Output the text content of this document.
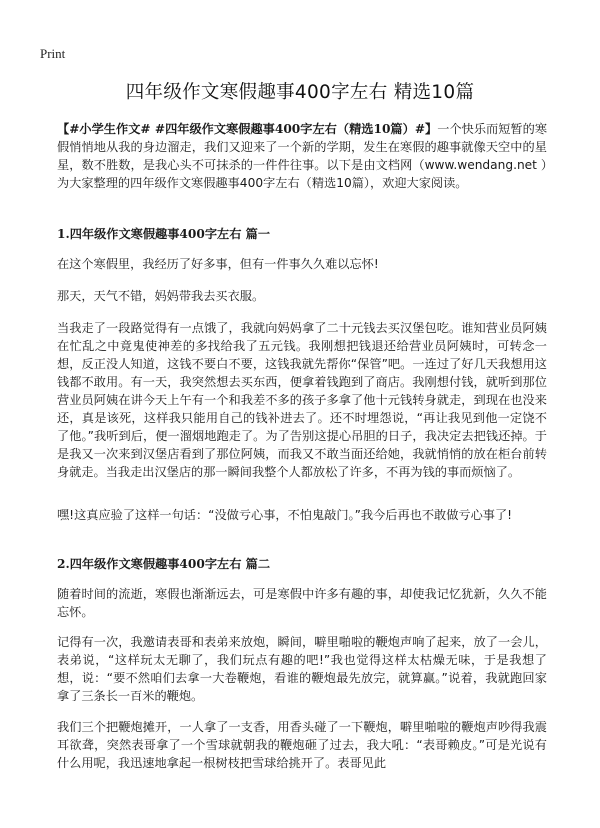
Print
四年级作文寒假趣事400字左右 精选10篇
【#小学生作文# #四年级作文寒假趣事400字左右（精选10篇）#】一个快乐而短暂的寒假悄悄地从我的身边溜走，我们又迎来了一个新的学期，发生在寒假的趣事就像天空中的星星，数不胜数，是我心头不可抹杀的一件件往事。以下是由文档网（www.wendang.net ）为大家整理的四年级作文寒假趣事400字左右（精选10篇），欢迎大家阅读。
1.四年级作文寒假趣事400字左右 篇一
在这个寒假里，我经历了好多事，但有一件事久久难以忘怀!
那天，天气不错，妈妈带我去买衣服。
当我走了一段路觉得有一点饿了，我就向妈妈拿了二十元钱去买汉堡包吃。谁知营业员阿姨在忙乱之中竟鬼使神差的多找给我了五元钱。我刚想把钱退还给营业员阿姨时，可转念一想，反正没人知道，这钱不要白不要，这钱我就先帮你“保管”吧。一连过了好几天我想用这钱都不敢用。有一天，我突然想去买东西，便拿着钱跑到了商店。我刚想付钱，就听到那位营业员阿姨在讲今天上午有一个和我差不多的孩子多拿了他十元钱转身就走，到现在也没来还，真是该死，这样我只能用自己的钱补进去了。还不时埋怨说，“再让我见到他一定饶不了他。”我听到后，便一溜烟地跑走了。为了告别这提心吊胆的日子，我决定去把钱还掉。于是我又一次来到汉堡店看到了那位阿姨，而我又不敢当面还给她，我就悄悄的放在柜台前转身就走。当我走出汉堡店的那一瞬间我整个人都放松了许多，不再为钱的事而烦恼了。
嘿!这真应验了这样一句话：“没做亏心事，不怕鬼敲门。”我今后再也不敢做亏心事了!
2.四年级作文寒假趣事400字左右 篇二
随着时间的流逝，寒假也渐渐远去，可是寒假中许多有趣的事，却使我记忆犹新，久久不能忘怀。
记得有一次，我邀请表哥和表弟来放炮，瞬间，噼里啪啦的鞭炮声响了起来，放了一会儿，表弟说，“这样玩太无聊了，我们玩点有趣的吧!”我也觉得这样太枯燥无味，于是我想了想，说：“要不然咱们去拿一大卷鞭炮，看谁的鞭炮最先放完，就算赢。”说着，我就跑回家拿了三条长一百米的鞭炮。
我们三个把鞭炮摊开，一人拿了一支香，用香头碰了一下鞭炮，噼里啪啦的鞭炮声吵得我震耳欲聋，突然表哥拿了一个雪球就朝我的鞭炮砸了过去，我大吼：“表哥赖皮。”可是光说有什么用呢，我迅速地拿起一根树枝把雪球给挑开了。表哥见此
